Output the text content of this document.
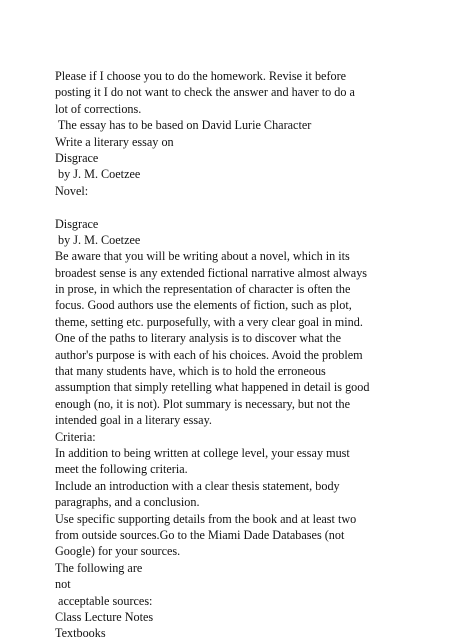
Please if I choose you to do the homework. Revise it before
posting it I do not want to check the answer and haver to do a
lot of corrections.
The essay has to be based on David Lurie Character
Write a literary essay on
Disgrace
by J. M. Coetzee
Novel:
Disgrace
by J. M. Coetzee
Be aware that you will be writing about a novel, which in its
broadest sense is any extended fictional narrative almost always
in prose, in which the representation of character is often the
focus. Good authors use the elements of fiction, such as plot,
theme, setting etc. purposefully, with a very clear goal in mind.
One of the paths to literary analysis is to discover what the
author's purpose is with each of his choices. Avoid the problem
that many students have, which is to hold the erroneous
assumption that simply retelling what happened in detail is good
enough (no, it is not). Plot summary is necessary, but not the
intended goal in a literary essay.
Criteria:
In addition to being written at college level, your essay must
meet the following criteria.
Include an introduction with a clear thesis statement, body
paragraphs, and a conclusion.
Use specific supporting details from the book and at least two
from outside sources.Go to the Miami Dade Databases (not
Google) for your sources.
The following are
not
acceptable sources:
Class Lecture Notes
Textbooks
